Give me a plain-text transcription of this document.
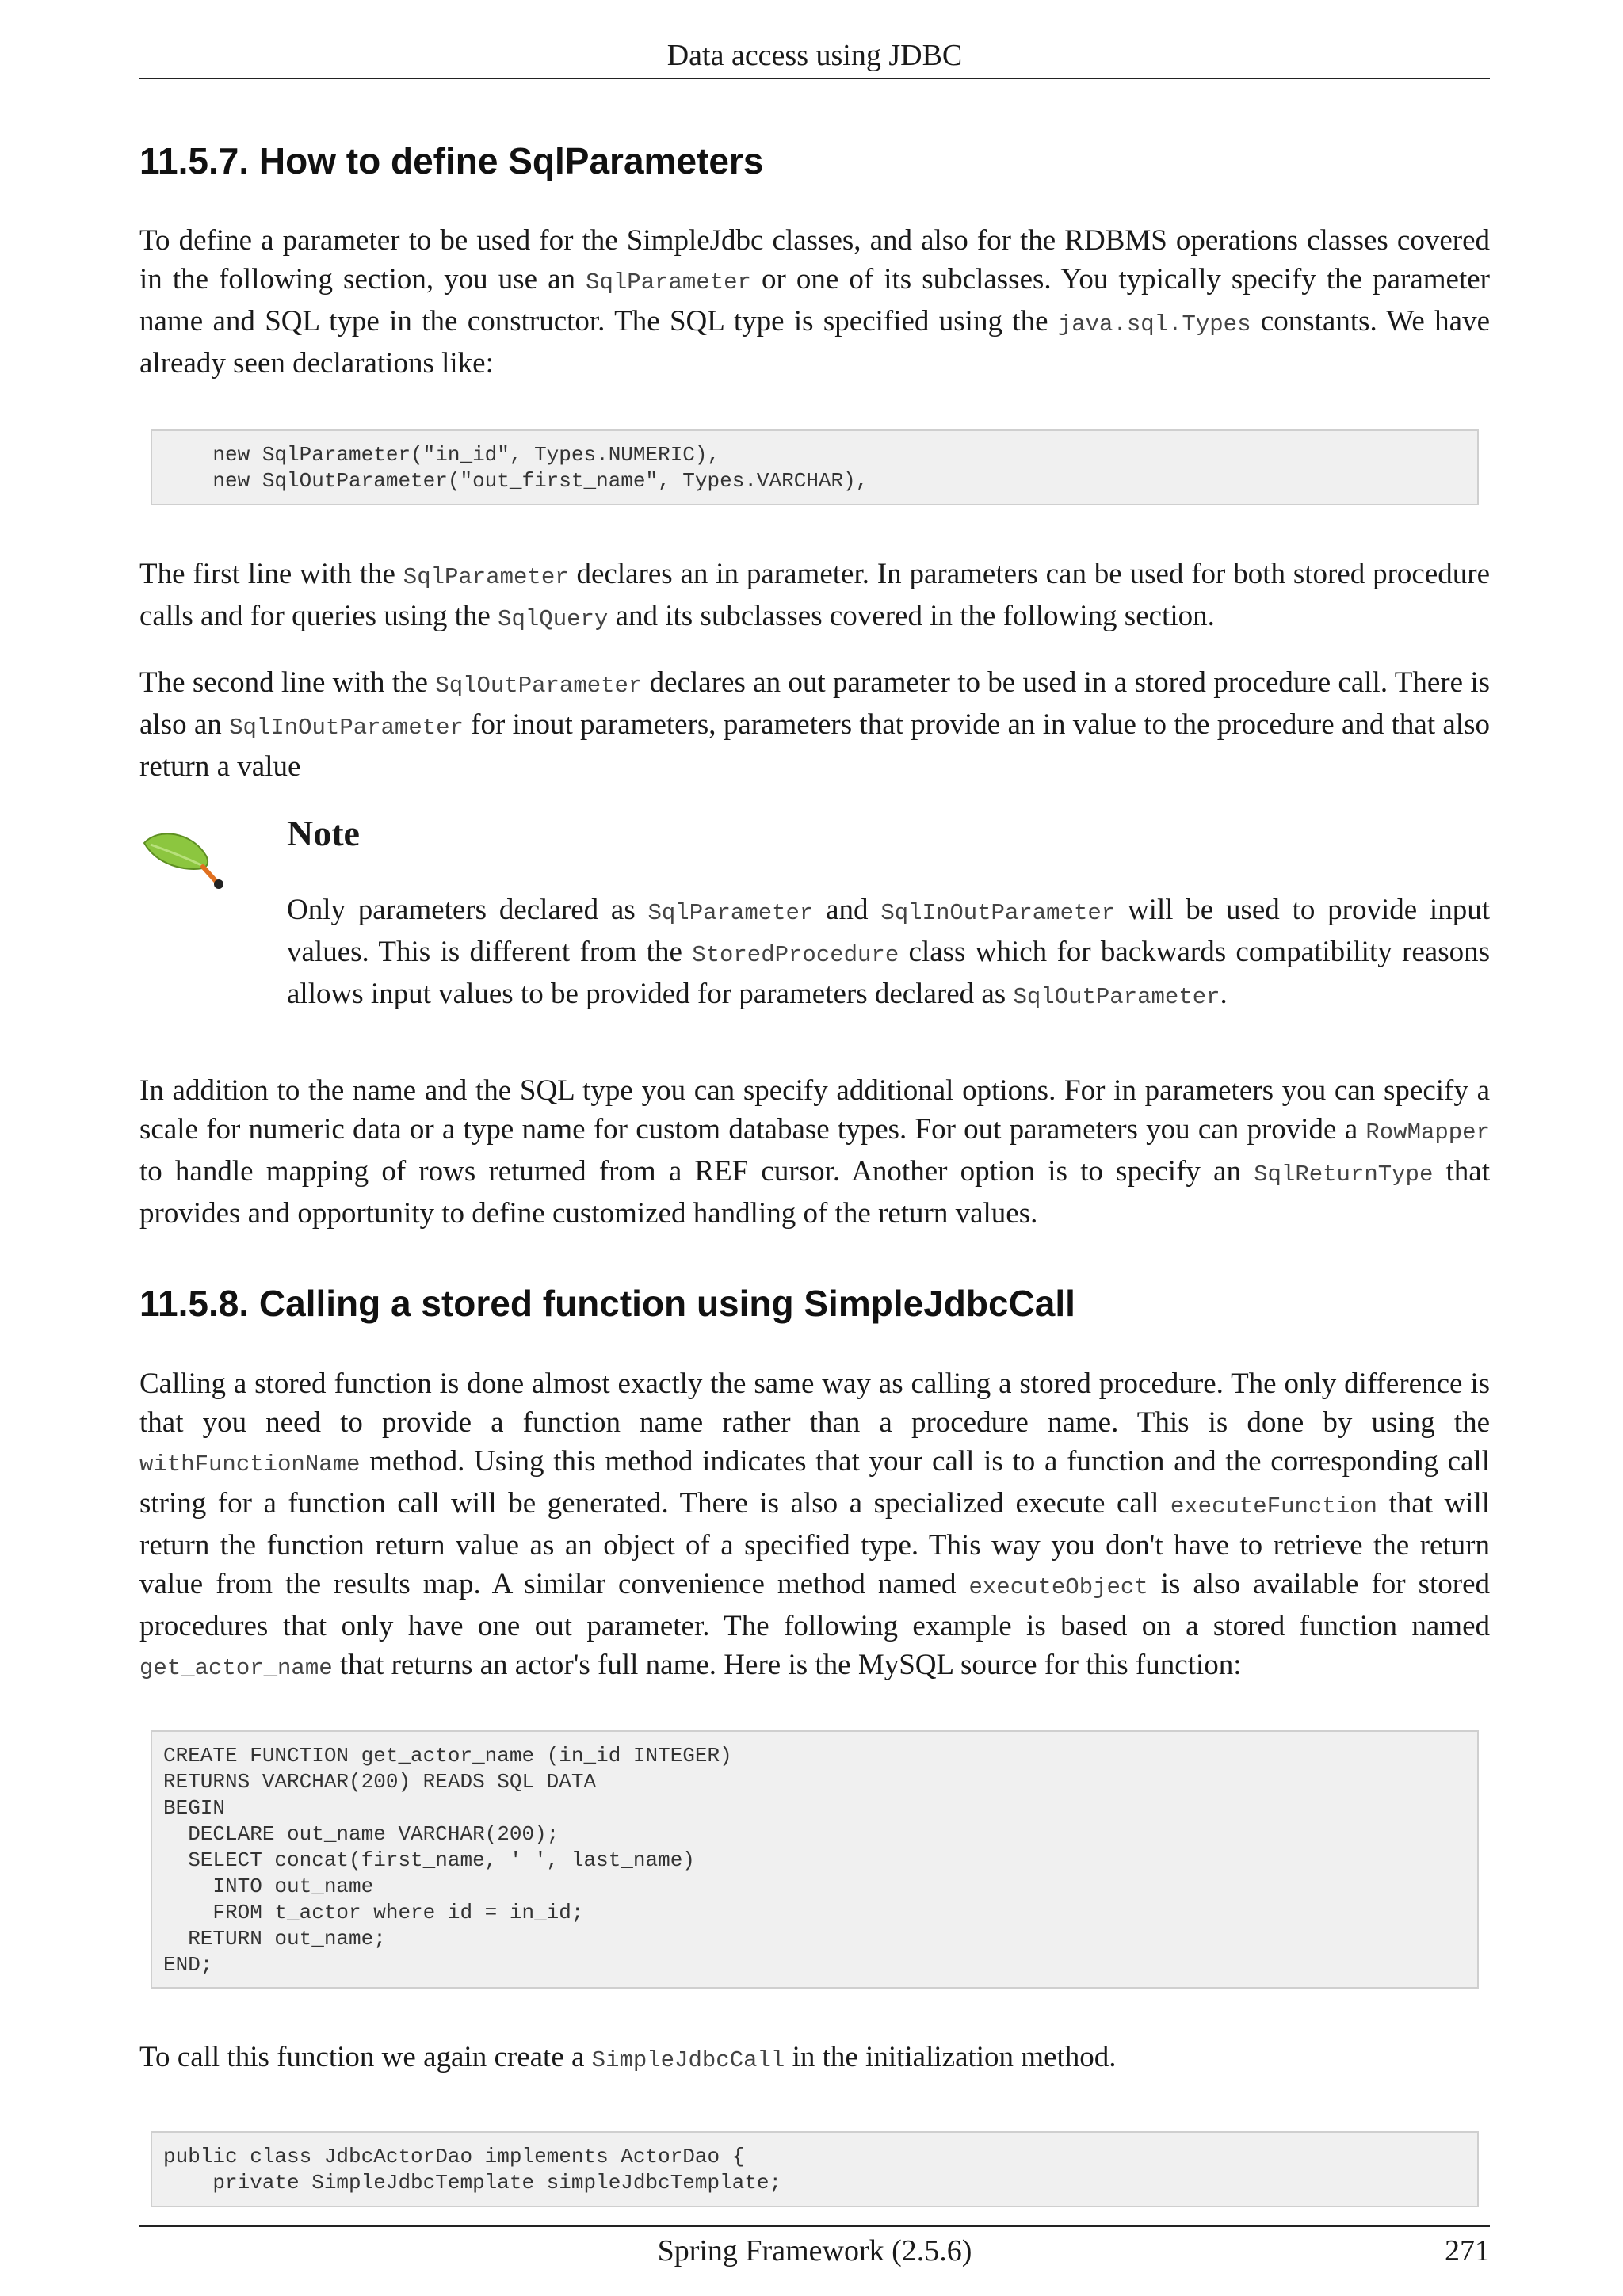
Data access using JDBC
11.5.7. How to define SqlParameters

To define a parameter to be used for the SimpleJdbc classes, and also for the RDBMS operations classes covered in the following section, you use an SqlParameter or one of its subclasses. You typically specify the parameter name and SQL type in the constructor. The SQL type is specified using the java.sql.Types constants. We have already seen declarations like:

new SqlParameter("in_id", Types.NUMERIC),
new SqlOutParameter("out_first_name", Types.VARCHAR),

The first line with the SqlParameter declares an in parameter. In parameters can be used for both stored procedure calls and for queries using the SqlQuery and its subclasses covered in the following section.

The second line with the SqlOutParameter declares an out parameter to be used in a stored procedure call. There is also an SqlInOutParameter for inout parameters, parameters that provide an in value to the procedure and that also return a value

Note

Only parameters declared as SqlParameter and SqlInOutParameter will be used to provide input values. This is different from the StoredProcedure class which for backwards compatibility reasons allows input values to be provided for parameters declared as SqlOutParameter.

In addition to the name and the SQL type you can specify additional options. For in parameters you can specify a scale for numeric data or a type name for custom database types. For out parameters you can provide a RowMapper to handle mapping of rows returned from a REF cursor. Another option is to specify an SqlReturnType that provides and opportunity to define customized handling of the return values.

11.5.8. Calling a stored function using SimpleJdbcCall

Calling a stored function is done almost exactly the same way as calling a stored procedure. The only difference is that you need to provide a function name rather than a procedure name. This is done by using the withFunctionName method. Using this method indicates that your call is to a function and the corresponding call string for a function call will be generated. There is also a specialized execute call executeFunction that will return the function return value as an object of a specified type. This way you don't have to retrieve the return value from the results map. A similar convenience method named executeObject is also available for stored procedures that only have one out parameter. The following example is based on a stored function named get_actor_name that returns an actor's full name. Here is the MySQL source for this function:

CREATE FUNCTION get_actor_name (in_id INTEGER)
RETURNS VARCHAR(200) READS SQL DATA
BEGIN
DECLARE out_name VARCHAR(200);
SELECT concat(first_name, ' ', last_name)
INTO out_name
FROM t_actor where id = in_id;
RETURN out_name;
END;

To call this function we again create a SimpleJdbcCall in the initialization method.

public class JdbcActorDao implements ActorDao {
private SimpleJdbcTemplate simpleJdbcTemplate;
Spring Framework (2.5.6)	271
